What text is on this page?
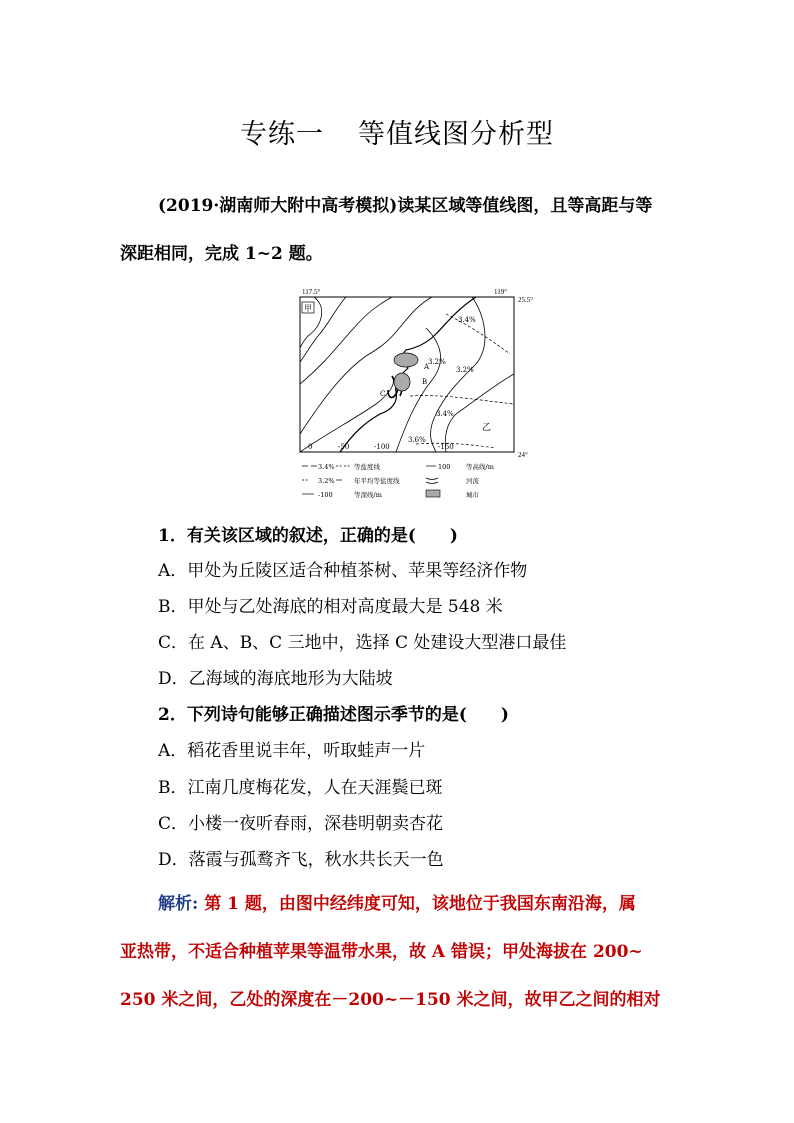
专练一 等值线图分析型
(2019·湖南师大附中高考模拟)读某区域等值线图，且等高距与等
深距相同，完成 1~2 题。
117.5°	119°
25.5°
24°
甲
A
B
C
3.4%
3.2%
3.2%
3.4%
3.6%
乙
0	-50	-100	-150
3.4%	等盐度线	100 等高线/m
3.2%	年平均等盐度线	河流
-100	等深线/m	城市
1．有关该区域的叙述，正确的是(　　)
A．甲处为丘陵区适合种植茶树、苹果等经济作物
B．甲处与乙处海底的相对高度最大是 548 米
C．在 A、B、C 三地中，选择 C 处建设大型港口最佳
D．乙海域的海底地形为大陆坡
2．下列诗句能够正确描述图示季节的是(　　)
A．稻花香里说丰年，听取蛙声一片
B．江南几度梅花发，人在天涯鬓已斑
C．小楼一夜听春雨，深巷明朝卖杏花
D．落霞与孤鹜齐飞，秋水共长天一色
解析: 第 1 题，由图中经纬度可知，该地位于我国东南沿海，属
亚热带，不适合种植苹果等温带水果，故 A 错误；甲处海拔在 200~
250 米之间，乙处的深度在－200~－150 米之间，故甲乙之间的相对
